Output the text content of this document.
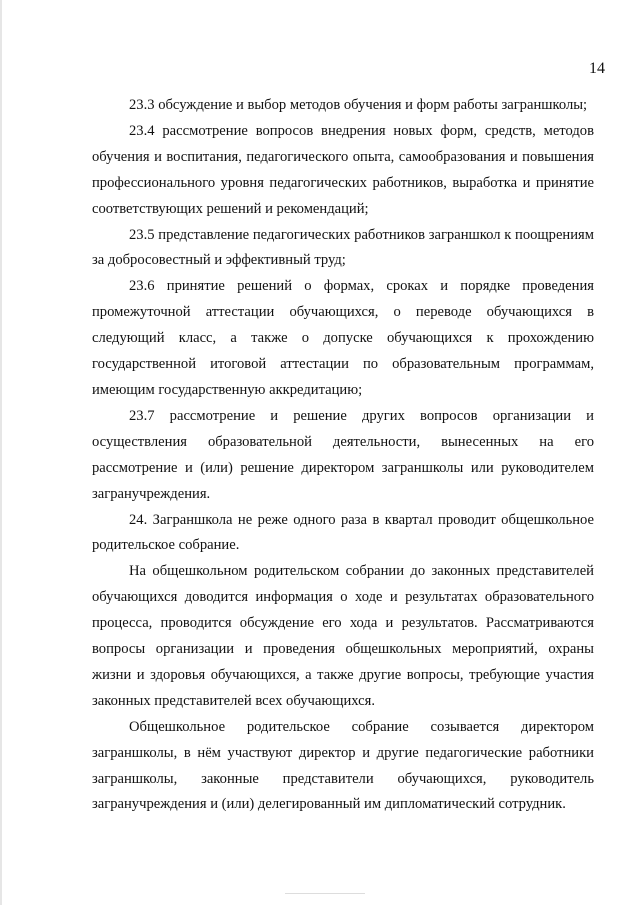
14

23.3 обсуждение и выбор методов обучения и форм работы заграншколы;

23.4 рассмотрение вопросов внедрения новых форм, средств, методов обучения и воспитания, педагогического опыта, самообразования и повышения профессионального уровня педагогических работников, выработка и принятие соответствующих решений и рекомендаций;

23.5 представление педагогических работников заграншкол к поощрениям за добросовестный и эффективный труд;

23.6 принятие решений о формах, сроках и порядке проведения промежуточной аттестации обучающихся, о переводе обучающихся в следующий класс, а также о допуске обучающихся к прохождению государственной итоговой аттестации по образовательным программам, имеющим государственную аккредитацию;

23.7 рассмотрение и решение других вопросов организации и осуществления образовательной деятельности, вынесенных на его рассмотрение и (или) решение директором заграншколы или руководителем загранучреждения.

24. Заграншкола не реже одного раза в квартал проводит общешкольное родительское собрание.

На общешкольном родительском собрании до законных представителей обучающихся доводится информация о ходе и результатах образовательного процесса, проводится обсуждение его хода и результатов. Рассматриваются вопросы организации и проведения общешкольных мероприятий, охраны жизни и здоровья обучающихся, а также другие вопросы, требующие участия законных представителей всех обучающихся.

Общешкольное родительское собрание созывается директором заграншколы, в нём участвуют директор и другие педагогические работники заграншколы, законные представители обучающихся, руководитель загранучреждения и (или) делегированный им дипломатический сотрудник.
